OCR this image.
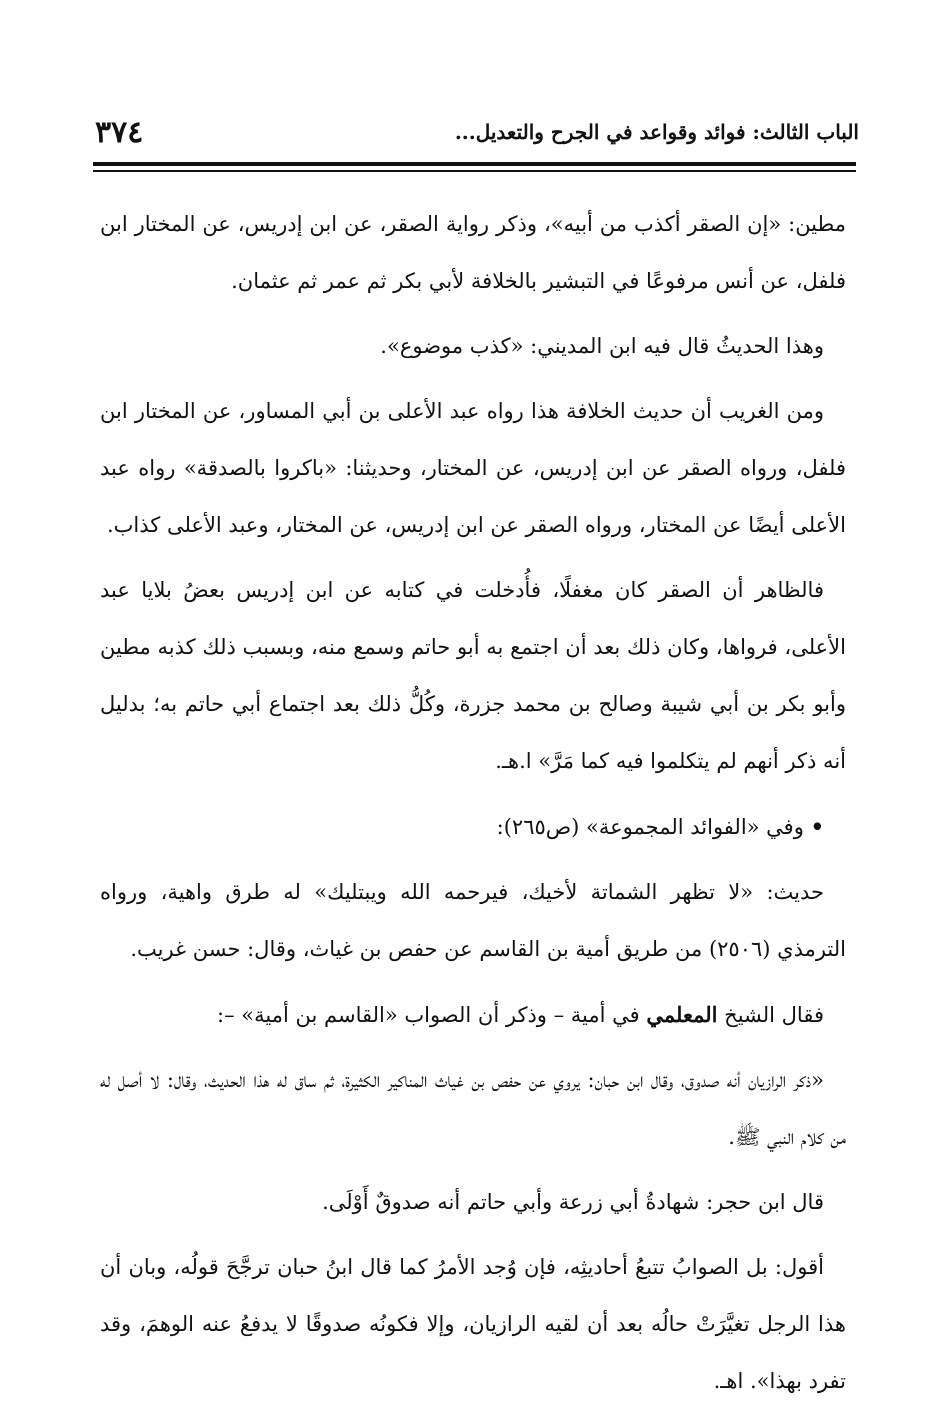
الباب الثالث: فوائد وقواعد في الجرح والتعديل...
٣٧٤

مطين: «إن الصقر أكذب من أبيه»، وذكر رواية الصقر، عن ابن إدريس، عن المختار ابن فلفل، عن أنس مرفوعًا في التبشير بالخلافة لأبي بكر ثم عمر ثم عثمان.

وهذا الحديثُ قال فيه ابن المديني: «كذب موضوع».

ومن الغريب أن حديث الخلافة هذا رواه عبد الأعلى بن أبي المساور، عن المختار ابن فلفل، ورواه الصقر عن ابن إدريس، عن المختار، وحديثنا: «باكروا بالصدقة» رواه عبد الأعلى أيضًا عن المختار، ورواه الصقر عن ابن إدريس، عن المختار، وعبد الأعلى كذاب.

فالظاهر أن الصقر كان مغفلًا، فأُدخلت في كتابه عن ابن إدريس بعضُ بلايا عبد الأعلى، فرواها، وكان ذلك بعد أن اجتمع به أبو حاتم وسمع منه، وبسبب ذلك كذبه مطين وأبو بكر بن أبي شيبة وصالح بن محمد جزرة، وكُلُّ ذلك بعد اجتماع أبي حاتم به؛ بدليل أنه ذكر أنهم لم يتكلموا فيه كما مَرَّ» ا.هـ.

• وفي «الفوائد المجموعة» (ص٢٦٥):

حديث: «لا تظهر الشماتة لأخيك، فيرحمه الله ويبتليك» له طرق واهية، ورواه الترمذي (٢٥٠٦) من طريق أمية بن القاسم عن حفص بن غياث، وقال: حسن غريب.

فقال الشيخ المعلمي في أمية – وذكر أن الصواب «القاسم بن أمية» –:

«ذكر الرازيان أنه صدوق، وقال ابن حبان: يروي عن حفص بن غياث المناكير الكثيرة، ثم ساق له هذا الحديث، وقال: لا أصل له من كلام النبي ﷺ.

قال ابن حجر: شهادةُ أبي زرعة وأبي حاتم أنه صدوقٌ أَوْلَى.

أقول: بل الصوابُ تتبعُ أحاديثِه، فإن وُجد الأمرُ كما قال ابنُ حبان ترجَّحَ قولُه، وبان أن هذا الرجل تغيَّرَتْ حالُه بعد أن لقيه الرازيان، وإلا فكونُه صدوقًا لا يدفعُ عنه الوهمَ، وقد تفرد بهذا». اهـ.
